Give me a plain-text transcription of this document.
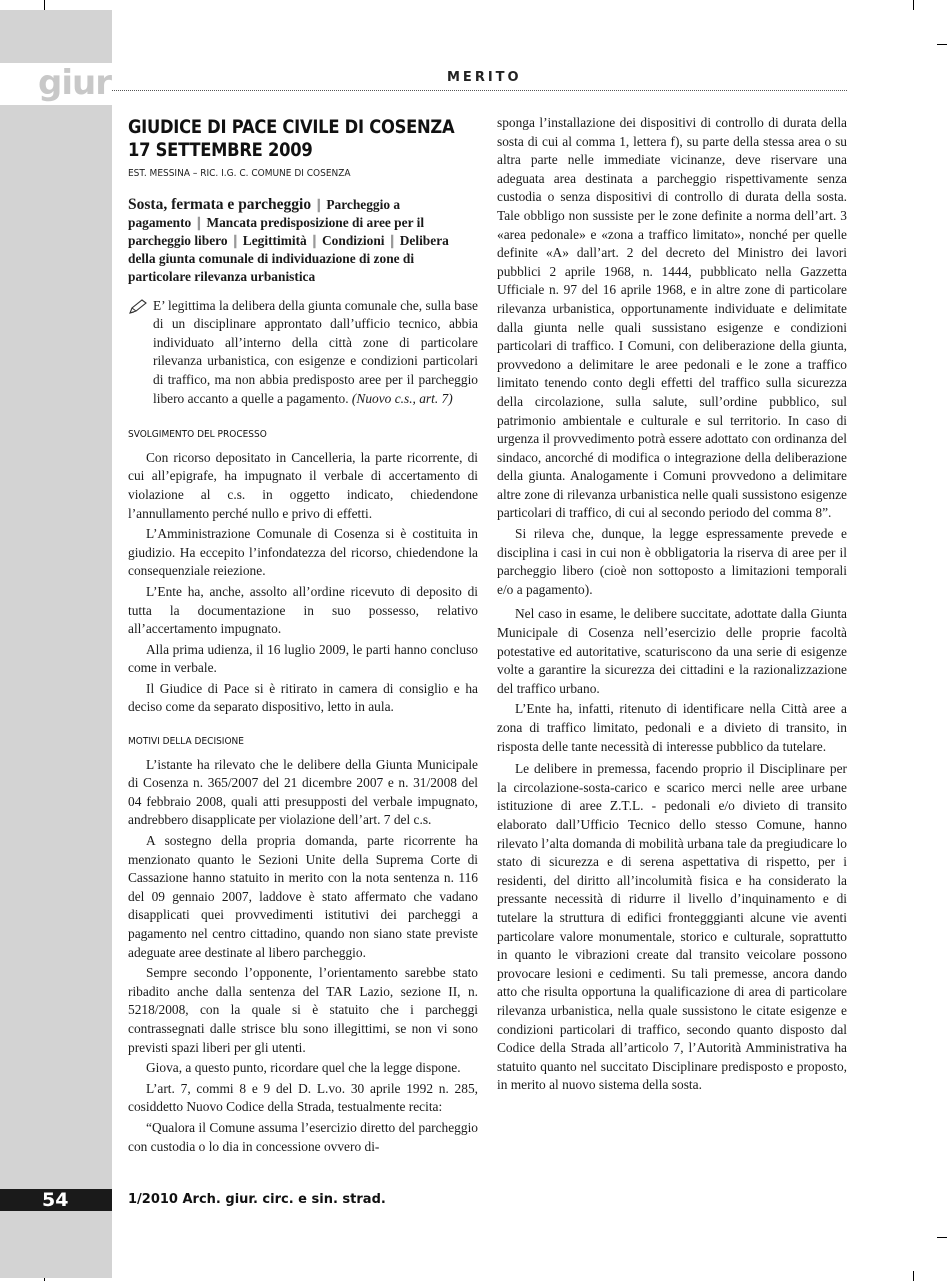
giur	MERITO
GIUDICE DI PACE CIVILE DI COSENZA
17 SETTEMBRE 2009
EST. MESSINA – RIC. I.G. C. COMUNE DI COSENZA
Sosta, fermata e parcheggio ❙ Parcheggio a pagamento ❙ Mancata predisposizione di aree per il parcheggio libero ❙ Legittimità ❙ Condizioni ❙ Delibera della giunta comunale di individuazione di zone di particolare rilevanza urbanistica
E’ legittima la delibera della giunta comunale che, sulla base di un disciplinare approntato dall’ufficio tecnico, abbia individuato all’interno della città zone di particolare rilevanza urbanistica, con esigenze e condizioni particolari di traffico, ma non abbia predisposto aree per il parcheggio libero accanto a quelle a pagamento. (Nuovo c.s., art. 7)
SVOLGIMENTO DEL PROCESSO

Con ricorso depositato in Cancelleria, la parte ricorrente, di cui all’epigrafe, ha impugnato il verbale di accertamento di violazione al c.s. in oggetto indicato, chiedendone l’annullamento perché nullo e privo di effetti.

L’Amministrazione Comunale di Cosenza si è costituita in giudizio. Ha eccepito l’infondatezza del ricorso, chiedendone la consequenziale reiezione.

L’Ente ha, anche, assolto all’ordine ricevuto di deposito di tutta la documentazione in suo possesso, relativo all’accertamento impugnato.

Alla prima udienza, il 16 luglio 2009, le parti hanno concluso come in verbale.

Il Giudice di Pace si è ritirato in camera di consiglio e ha deciso come da separato dispositivo, letto in aula.

MOTIVI DELLA DECISIONE

L’istante ha rilevato che le delibere della Giunta Municipale di Cosenza n. 365/2007 del 21 dicembre 2007 e n. 31/2008 del 04 febbraio 2008, quali atti presupposti del verbale impugnato, andrebbero disapplicate per violazione dell’art. 7 del c.s.

A sostegno della propria domanda, parte ricorrente ha menzionato quanto le Sezioni Unite della Suprema Corte di Cassazione hanno statuito in merito con la nota sentenza n. 116 del 09 gennaio 2007, laddove è stato affermato che vadano disapplicati quei provvedimenti istitutivi dei parcheggi a pagamento nel centro cittadino, quando non siano state previste adeguate aree destinate al libero parcheggio.

Sempre secondo l’opponente, l’orientamento sarebbe stato ribadito anche dalla sentenza del TAR Lazio, sezione II, n. 5218/2008, con la quale si è statuito che i parcheggi contrassegnati dalle strisce blu sono illegittimi, se non vi sono previsti spazi liberi per gli utenti.

Giova, a questo punto, ricordare quel che la legge dispone.

L’art. 7, commi 8 e 9 del D. L.vo. 30 aprile 1992 n. 285, cosiddetto Nuovo Codice della Strada, testualmente recita:

“Qualora il Comune assuma l’esercizio diretto del parcheggio con custodia o lo dia in concessione ovvero di-

sponga l’installazione dei dispositivi di controllo di durata della sosta di cui al comma 1, lettera f), su parte della stessa area o su altra parte nelle immediate vicinanze, deve riservare una adeguata area destinata a parcheggio rispettivamente senza custodia o senza dispositivi di controllo di durata della sosta. Tale obbligo non sussiste per le zone definite a norma dell’art. 3 «area pedonale» e «zona a traffico limitato», nonché per quelle definite «A» dall’art. 2 del decreto del Ministro dei lavori pubblici 2 aprile 1968, n. 1444, pubblicato nella Gazzetta Ufficiale n. 97 del 16 aprile 1968, e in altre zone di particolare rilevanza urbanistica, opportunamente individuate e delimitate dalla giunta nelle quali sussistano esigenze e condizioni particolari di traffico. I Comuni, con deliberazione della giunta, provvedono a delimitare le aree pedonali e le zone a traffico limitato tenendo conto degli effetti del traffico sulla sicurezza della circolazione, sulla salute, sull’ordine pubblico, sul patrimonio ambientale e culturale e sul territorio. In caso di urgenza il provvedimento potrà essere adottato con ordinanza del sindaco, ancorché di modifica o integrazione della deliberazione della giunta. Analogamente i Comuni provvedono a delimitare altre zone di rilevanza urbanistica nelle quali sussistono esigenze particolari di traffico, di cui al secondo periodo del comma 8”.

Si rileva che, dunque, la legge espressamente prevede e disciplina i casi in cui non è obbligatoria la riserva di aree per il parcheggio libero (cioè non sottoposto a limitazioni temporali e/o a pagamento).

Nel caso in esame, le delibere succitate, adottate dalla Giunta Municipale di Cosenza nell’esercizio delle proprie facoltà potestative ed autoritative, scaturiscono da una serie di esigenze volte a garantire la sicurezza dei cittadini e la razionalizzazione del traffico urbano.

L’Ente ha, infatti, ritenuto di identificare nella Città aree a zona di traffico limitato, pedonali e a divieto di transito, in risposta delle tante necessità di interesse pubblico da tutelare.

Le delibere in premessa, facendo proprio il Disciplinare per la circolazione-sosta-carico e scarico merci nelle aree urbane istituzione di aree Z.T.L. - pedonali e/o divieto di transito elaborato dall’Ufficio Tecnico dello stesso Comune, hanno rilevato l’alta domanda di mobilità urbana tale da pregiudicare lo stato di sicurezza e di serena aspettativa di rispetto, per i residenti, del diritto all’incolumità fisica e ha considerato la pressante necessità di ridurre il livello d’inquinamento e di tutelare la struttura di edifici frontegggianti alcune vie aventi particolare valore monumentale, storico e culturale, soprattutto in quanto le vibrazioni create dal transito veicolare possono provocare lesioni e cedimenti. Su tali premesse, ancora dando atto che risulta opportuna la qualificazione di area di particolare rilevanza urbanistica, nella quale sussistono le citate esigenze e condizioni particolari di traffico, secondo quanto disposto dal Codice della Strada all’articolo 7, l’Autorità Amministrativa ha statuito quanto nel succitato Disciplinare predisposto e proposto, in merito al nuovo sistema della sosta.

54	1/2010 Arch. giur. circ. e sin. strad.
